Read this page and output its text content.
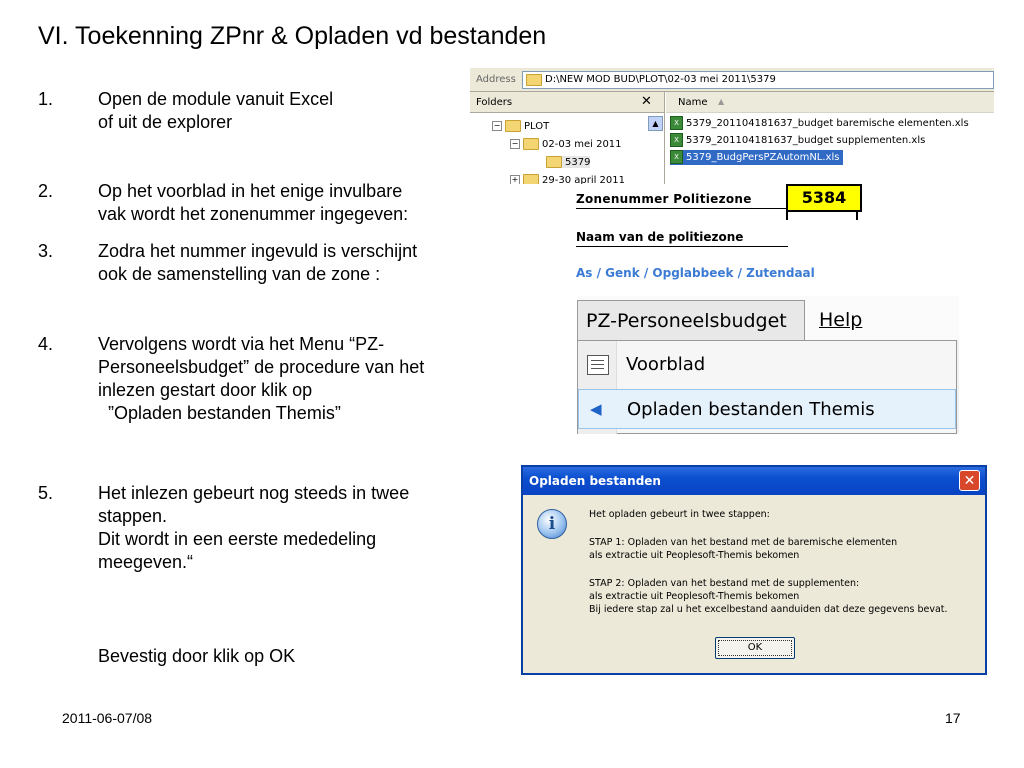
VI. Toekenning ZPnr & Opladen vd bestanden
1. Open de module vanuit Excel
of uit de explorer
2. Op het voorblad in het enige invulbare
vak wordt het zonenummer ingegeven:
3. Zodra het nummer ingevuld is verschijnt
ook de samenstelling van de zone :
4. Vervolgens wordt via het Menu “PZ-
Personeelsbudget” de procedure van het
inlezen gestart door klik op
”Opladen bestanden Themis”
5. Het inlezen gebeurt nog steeds in twee
stappen.
Dit wordt in een eerste mededeling
meegeven.“
Bevestig door klik op OK
Address	D:\NEW MOD BUD\PLOT\02-03 mei 2011\5379
Folders	✕
▲
− PLOT
− 02-03 mei 2011
5379
+ 29-30 april 2011
Name ▲
X 5379_201104181637_budget baremische elementen.xls
X 5379_201104181637_budget supplementen.xls
X 5379_BudgPersPZAutomNL.xls
Zonenummer Politiezone	5384
Naam van de politiezone
As / Genk / Opglabbeek / Zutendaal
PZ-Personeelsbudget	Help
Voorblad
◀ Opladen bestanden Themis
Opladen bestanden	✕
i	Het opladen gebeurt in twee stappen:
STAP 1: Opladen van het bestand met de baremische elementen
als extractie uit Peoplesoft-Themis bekomen
STAP 2: Opladen van het bestand met de supplementen:
als extractie uit Peoplesoft-Themis bekomen
Bij iedere stap zal u het excelbestand aanduiden dat deze gegevens bevat.
OK
2011-06-07/08	17
